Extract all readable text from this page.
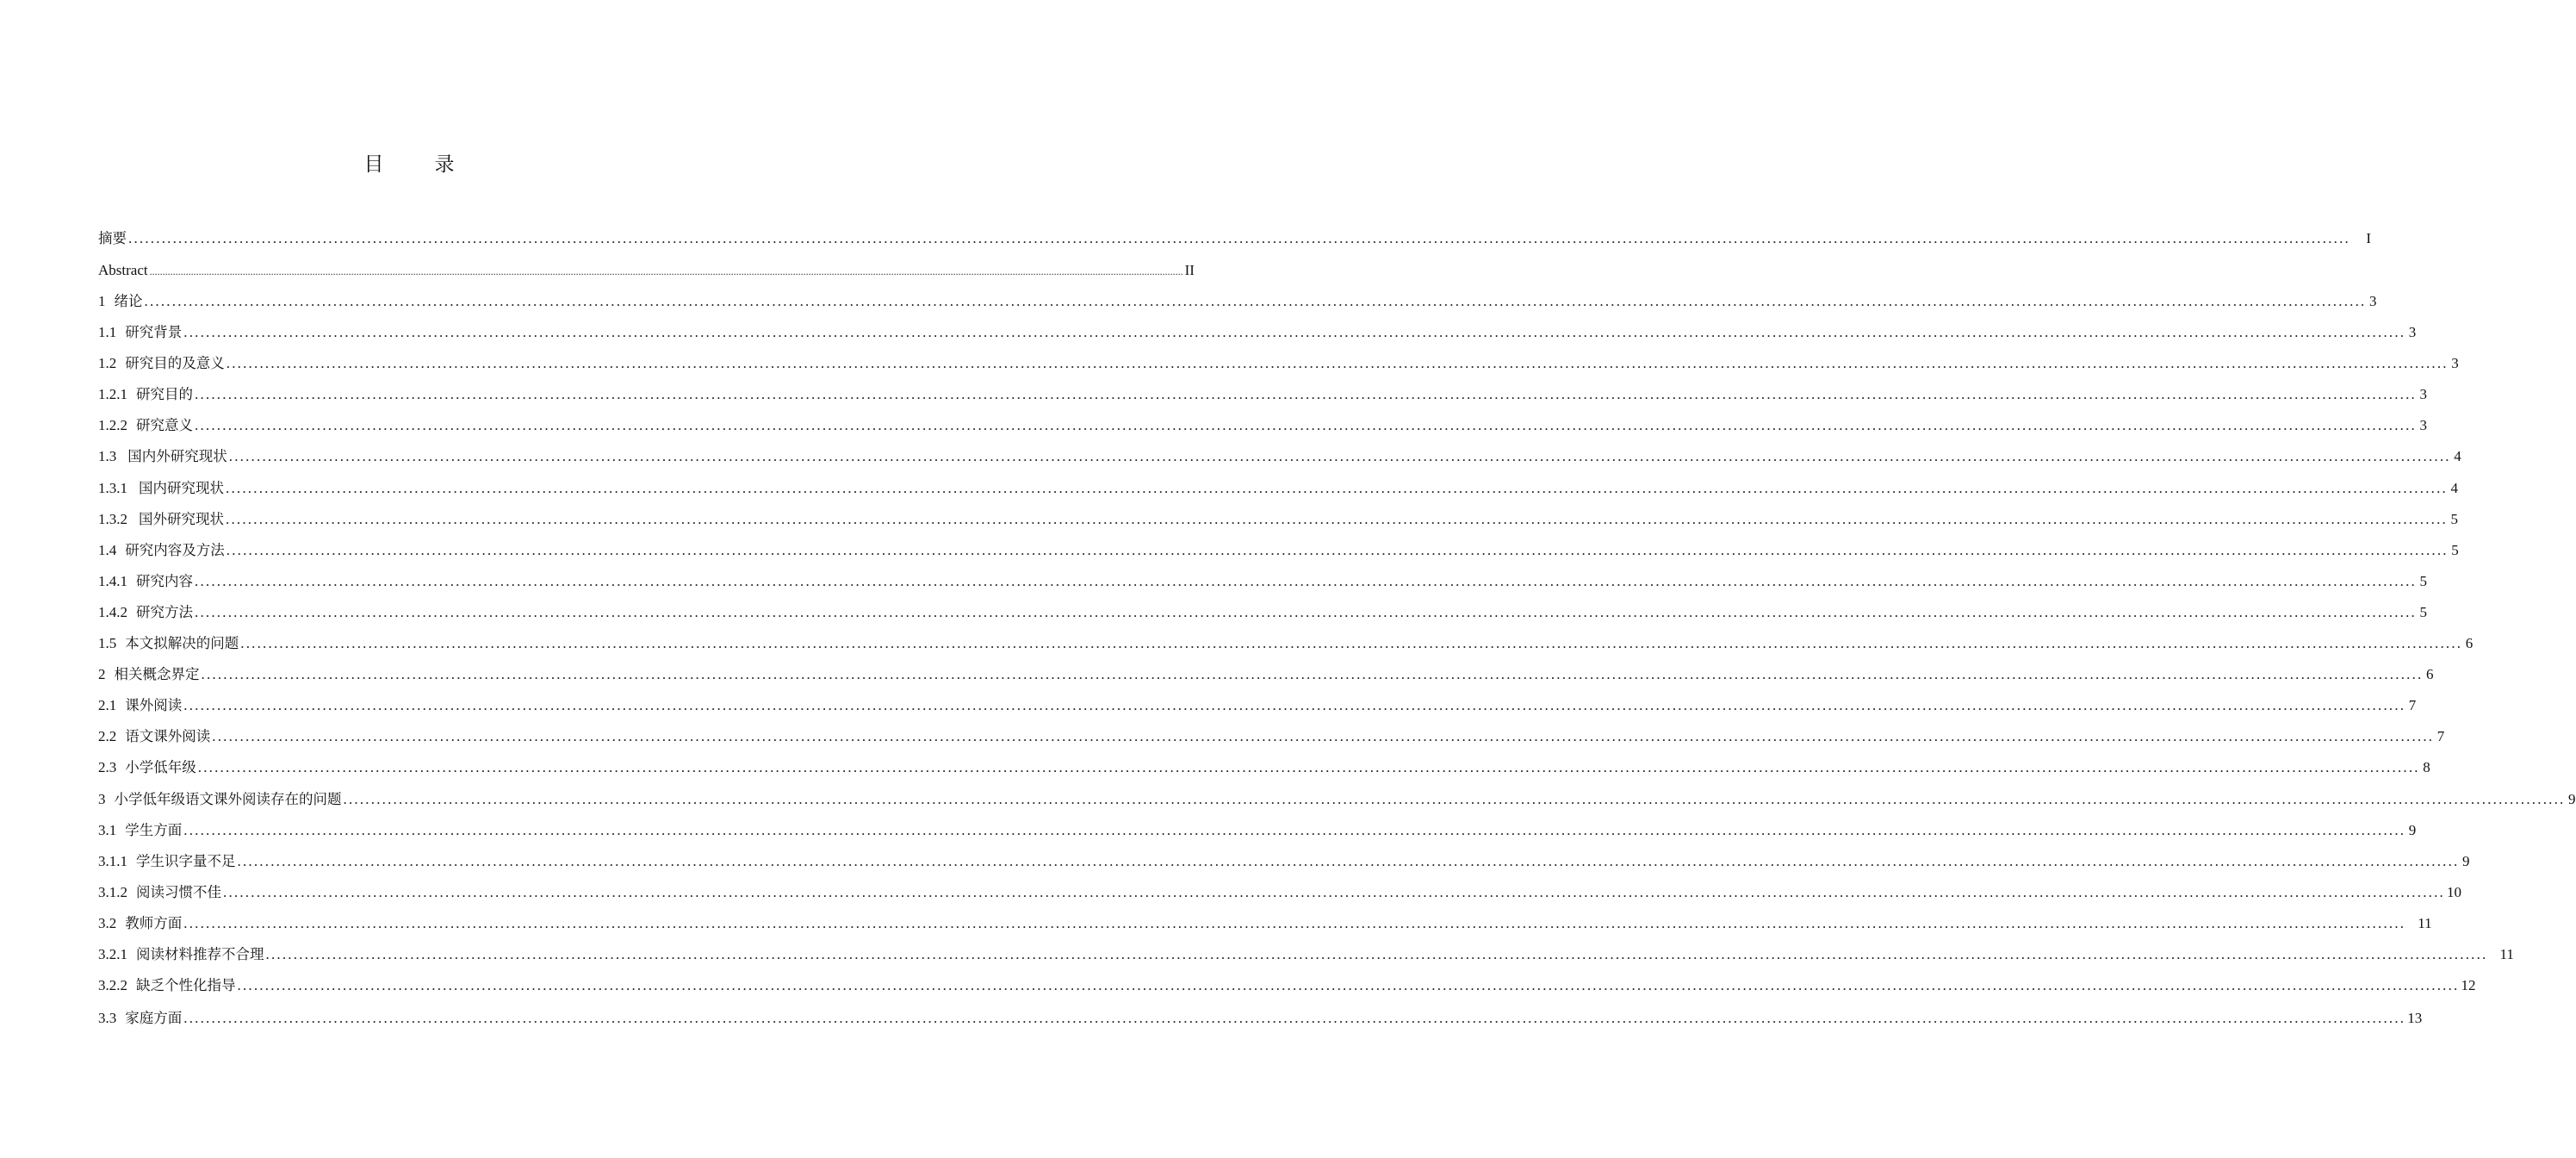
目　录
摘要 ................................................................................................................................................................................................................................................................................................................................................................................................................	I
Abstract ................................................................................................................................................................................................................................................................................................................................................................................................................ II
1 绪论 ................................................................................................................................................................................................................................................................................................................................................................................................................ 3
1.1 研究背景 ................................................................................................................................................................................................................................................................................................................................................................................................................ 3
1.2 研究目的及意义 ................................................................................................................................................................................................................................................................................................................................................................................................................ 3
1.2.1 研究目的 ................................................................................................................................................................................................................................................................................................................................................................................................................ 3
1.2.2 研究意义 ................................................................................................................................................................................................................................................................................................................................................................................................................ 3
1.3 国内外研究现状 ................................................................................................................................................................................................................................................................................................................................................................................................................ 4
1.3.1 国内研究现状 ................................................................................................................................................................................................................................................................................................................................................................................................................ 4
1.3.2 国外研究现状 ................................................................................................................................................................................................................................................................................................................................................................................................................ 5
1.4 研究内容及方法 ................................................................................................................................................................................................................................................................................................................................................................................................................ 5
1.4.1 研究内容 ................................................................................................................................................................................................................................................................................................................................................................................................................ 5
1.4.2 研究方法 ................................................................................................................................................................................................................................................................................................................................................................................................................ 5
1.5 本文拟解决的问题 ................................................................................................................................................................................................................................................................................................................................................................................................................ 6
2 相关概念界定 ................................................................................................................................................................................................................................................................................................................................................................................................................ 6
2.1 课外阅读 ................................................................................................................................................................................................................................................................................................................................................................................................................ 7
2.2 语文课外阅读 ................................................................................................................................................................................................................................................................................................................................................................................................................ 7
2.3 小学低年级 ................................................................................................................................................................................................................................................................................................................................................................................................................ 8
3 小学低年级语文课外阅读存在的问题 ................................................................................................................................................................................................................................................................................................................................................................................................................ 9
3.1 学生方面 ................................................................................................................................................................................................................................................................................................................................................................................................................ 9
3.1.1 学生识字量不足 ................................................................................................................................................................................................................................................................................................................................................................................................................ 9
3.1.2 阅读习惯不佳 ................................................................................................................................................................................................................................................................................................................................................................................................................ 10
3.2 教师方面 ................................................................................................................................................................................................................................................................................................................................................................................................................ 11
3.2.1 阅读材料推荐不合理 ................................................................................................................................................................................................................................................................................................................................................................................................................ 11
3.2.2 缺乏个性化指导 ................................................................................................................................................................................................................................................................................................................................................................................................................ 12
3.3 家庭方面 ................................................................................................................................................................................................................................................................................................................................................................................................................ 13
